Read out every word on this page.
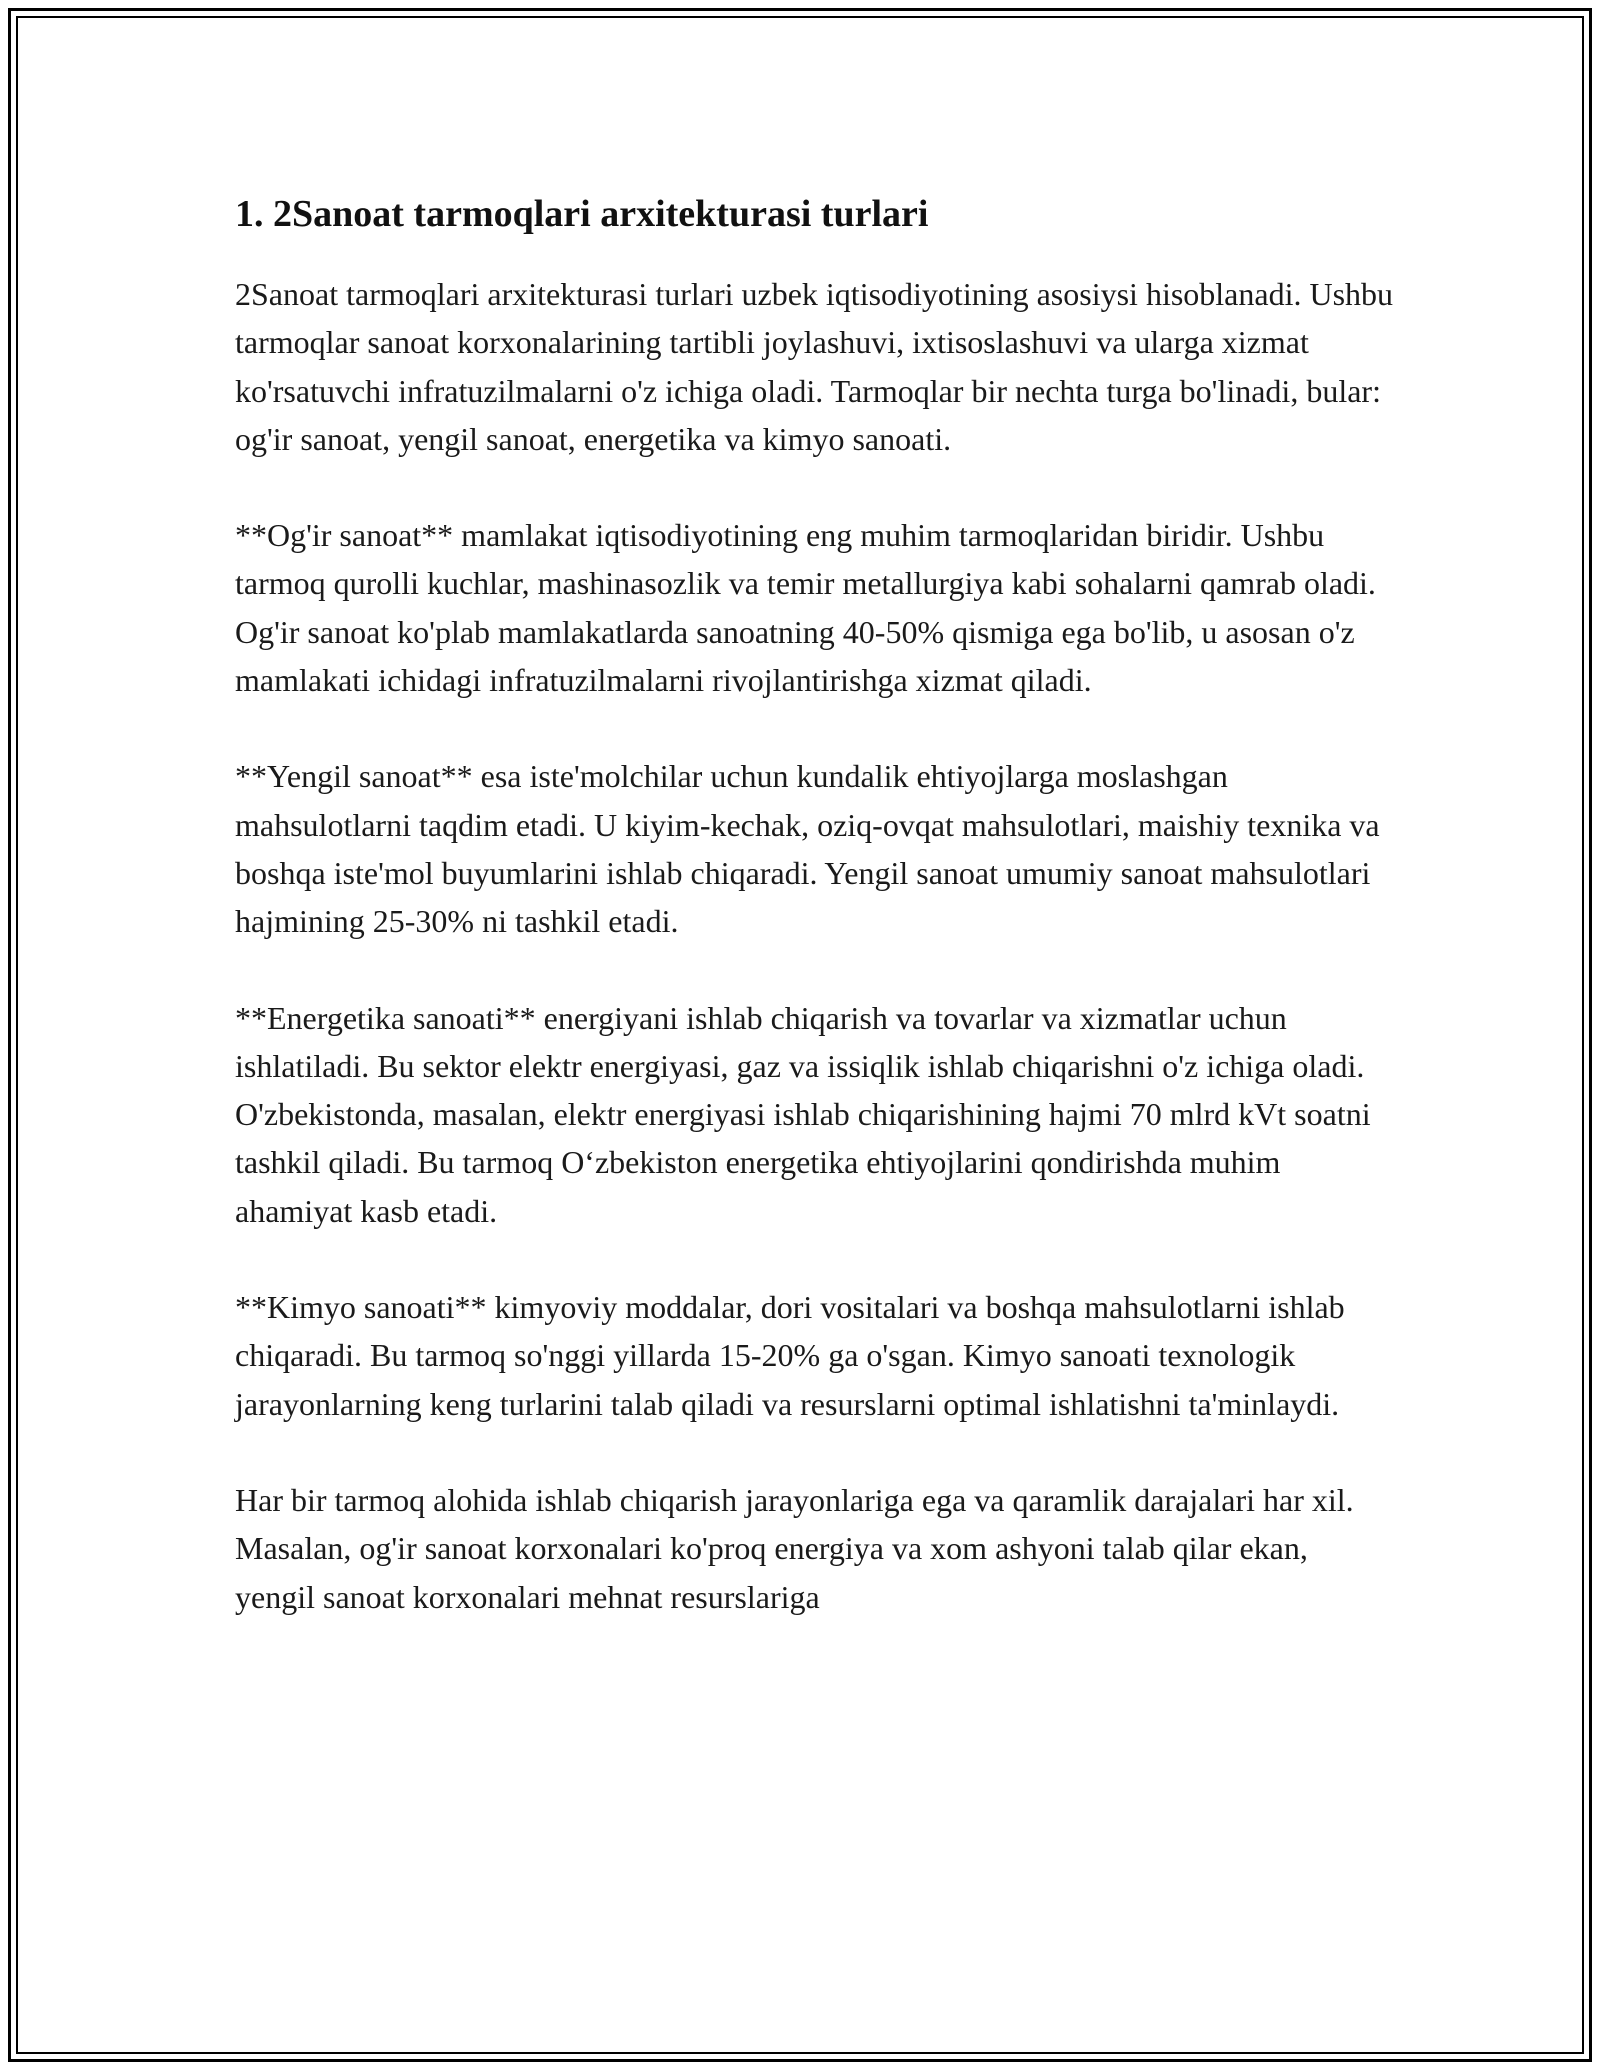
1. 2Sanoat tarmoqlari arxitekturasi turlari

2Sanoat tarmoqlari arxitekturasi turlari uzbek iqtisodiyotining asosiysi hisoblanadi. Ushbu tarmoqlar sanoat korxonalarining tartibli joylashuvi, ixtisoslashuvi va ularga xizmat ko'rsatuvchi infratuzilmalarni o'z ichiga oladi. Tarmoqlar bir nechta turga bo'linadi, bular: og'ir sanoat, yengil sanoat, energetika va kimyo sanoati.

**Og'ir sanoat** mamlakat iqtisodiyotining eng muhim tarmoqlaridan biridir. Ushbu tarmoq qurolli kuchlar, mashinasozlik va temir metallurgiya kabi sohalarni qamrab oladi. Og'ir sanoat ko'plab mamlakatlarda sanoatning 40-50% qismiga ega bo'lib, u asosan o'z mamlakati ichidagi infratuzilmalarni rivojlantirishga xizmat qiladi.

**Yengil sanoat** esa iste'molchilar uchun kundalik ehtiyojlarga moslashgan mahsulotlarni taqdim etadi. U kiyim-kechak, oziq-ovqat mahsulotlari, maishiy texnika va boshqa iste'mol buyumlarini ishlab chiqaradi. Yengil sanoat umumiy sanoat mahsulotlari hajmining 25-30% ni tashkil etadi.

**Energetika sanoati** energiyani ishlab chiqarish va tovarlar va xizmatlar uchun ishlatiladi. Bu sektor elektr energiyasi, gaz va issiqlik ishlab chiqarishni o'z ichiga oladi. O'zbekistonda, masalan, elektr energiyasi ishlab chiqarishining hajmi 70 mlrd kVt soatni tashkil qiladi. Bu tarmoq O‘zbekiston energetika ehtiyojlarini qondirishda muhim ahamiyat kasb etadi.

**Kimyo sanoati** kimyoviy moddalar, dori vositalari va boshqa mahsulotlarni ishlab chiqaradi. Bu tarmoq so'nggi yillarda 15-20% ga o'sgan. Kimyo sanoati texnologik jarayonlarning keng turlarini talab qiladi va resurslarni optimal ishlatishni ta'minlaydi.

Har bir tarmoq alohida ishlab chiqarish jarayonlariga ega va qaramlik darajalari har xil. Masalan, og'ir sanoat korxonalari ko'proq energiya va xom ashyoni talab qilar ekan, yengil sanoat korxonalari mehnat resurslariga
